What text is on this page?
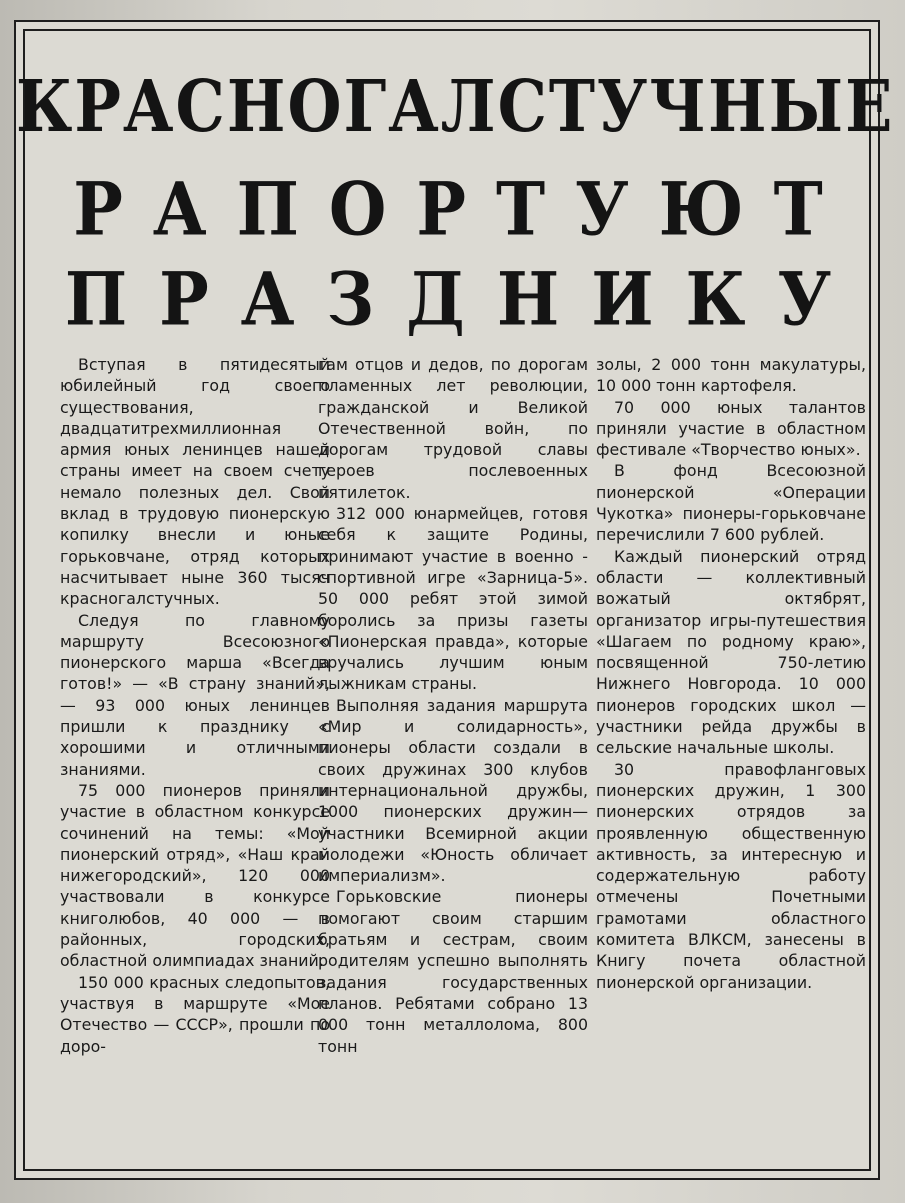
КРАСНОГАЛСТУЧНЫЕ
РАПОРТУЮТ
ПРАЗДНИКУ

Вступая в пятидесятый юбилейный год своего существования, двадцатитрехмиллионная армия юных ленинцев нашей страны имеет на своем счету немало полезных дел. Свой вклад в трудовую пионерскую копилку внесли и юные горьковчане, отряд которых насчитывает ныне 360 тысяч красногалстучных.

Следуя по главному маршруту Всесоюзного пионерского марша «Всегда готов!» — «В страну знаний», — 93 000 юных ленинцев пришли к празднику с хорошими и отличными знаниями.

75 000 пионеров приняли участие в областном конкурсе сочинений на темы: «Мой пионерский отряд», «Наш край нижегородский», 120 000 участвовали в конкурсе книголюбов, 40 000 — в районных, городских, областной олимпиадах знаний.

150 000 красных следопытов, участвуя в маршруте «Мое Отечество — СССР», прошли по доро-

гам отцов и дедов, по дорогам пламенных лет революции, гражданской и Великой Отечественной войн, по дорогам трудовой славы героев послевоенных пятилеток.

312 000 юнармейцев, готовя себя к защите Родины, принимают участие в военно - спортивной игре «Зарница-5». 50 000 ребят этой зимой боролись за призы газеты «Пионерская правда», которые вручались лучшим юным лыжникам страны.

Выполняя задания маршрута «Мир и солидарность», пионеры области создали в своих дружинах 300 клубов интернациональной дружбы, 1000 пионерских дружин—участники Всемирной акции молодежи «Юность обличает империализм».

Горьковские пионеры помогают своим старшим братьям и сестрам, своим родителям успешно выполнять задания государственных планов. Ребятами собрано 13 000 тонн металлолома, 800 тонн

золы, 2 000 тонн макулатуры, 10 000 тонн картофеля.

70 000 юных талантов приняли участие в областном фестивале «Творчество юных».

В фонд Всесоюзной пионерской «Операции Чукотка» пионеры-горьковчане перечислили 7 600 рублей.

Каждый пионерский отряд области — коллективный вожатый октябрят, организатор игры-путешествия «Шагаем по родному краю», посвященной 750-летию Нижнего Новгорода. 10 000 пионеров городских школ — участники рейда дружбы в сельские начальные школы.

30 правофланговых пионерских дружин, 1 300 пионерских отрядов за проявленную общественную активность, за интересную и содержательную работу отмечены Почетными грамотами областного комитета ВЛКСМ, занесены в Книгу почета областной пионерской организации.
